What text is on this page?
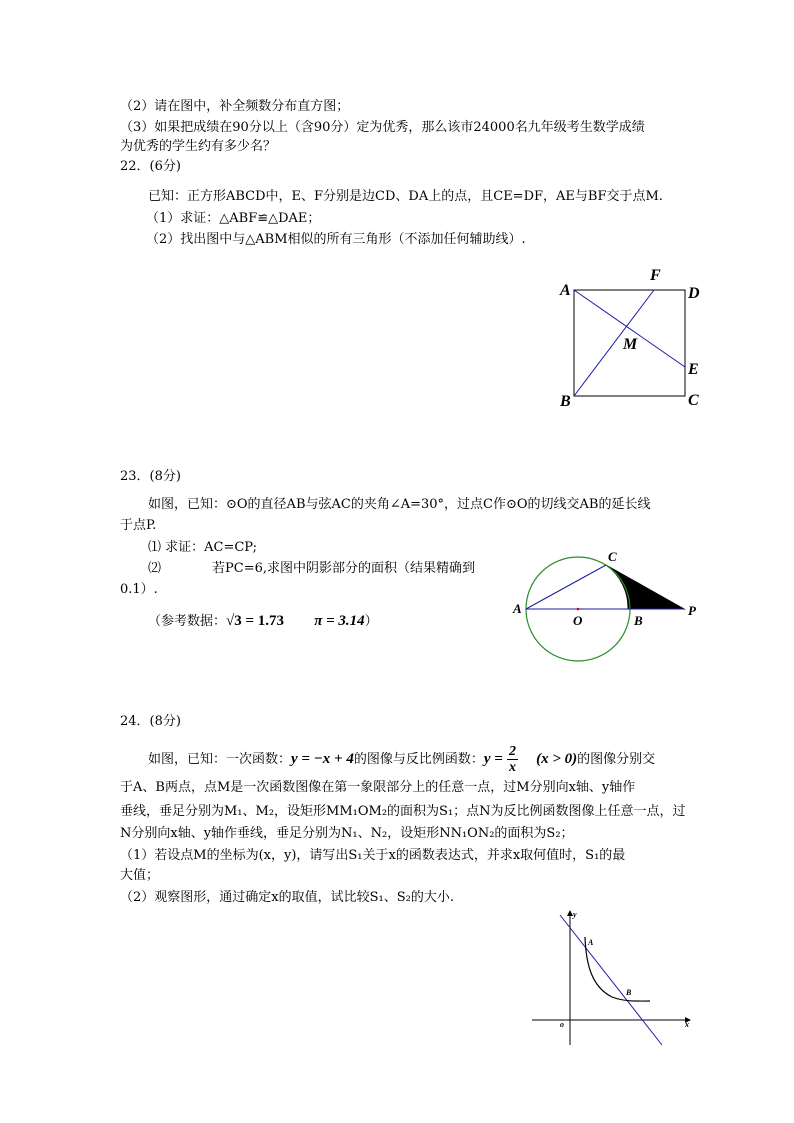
（2）请在图中，补全频数分布直方图；
（3）如果把成绩在90分以上（含90分）定为优秀，那么该市24000名九年级考生数学成绩
为优秀的学生约有多少名？
22．(6分)
已知：正方形ABCD中，E、F分别是边CD、DA上的点，且CE=DF，AE与BF交于点M.
（1）求证：△ABF≌△DAE；
（2）找出图中与△ABM相似的所有三角形（不添加任何辅助线）.
A
B	C
D
E
F
M
23．(8分)
如图，已知：⊙O的直径AB与弦AC的夹角∠A=30°，过点C作⊙O的切线交AB的延长线
于点P.
⑴ 求证：AC=CP;
⑵	若PC=6,求图中阴影部分的面积（结果精确到
0.1）.
（参考数据：√3 = 1.73 π = 3.14）
A
O	B
C
P
24．(8分)
如图，已知：一次函数：y = −x + 4的图像与反比例函数：$y = \frac{2}{x} (x > 0)$的图像分别交
于A、B两点，点M是一次函数图像在第一象限部分上的任意一点，过M分别向x轴、y轴作
垂线，垂足分别为M₁、M₂，设矩形MM₁OM₂的面积为S₁；点N为反比例函数图像上任意一点，过
N分别向x轴、y轴作垂线，垂足分别为N₁、N₂，设矩形NN₁ON₂的面积为S₂；
（1）若设点M的坐标为(x，y)，请写出S₁关于x的函数表达式，并求x取何值时，S₁的最
大值；
（2）观察图形，通过确定x的取值，试比较S₁、S₂的大小.
A
B
o	x
y
